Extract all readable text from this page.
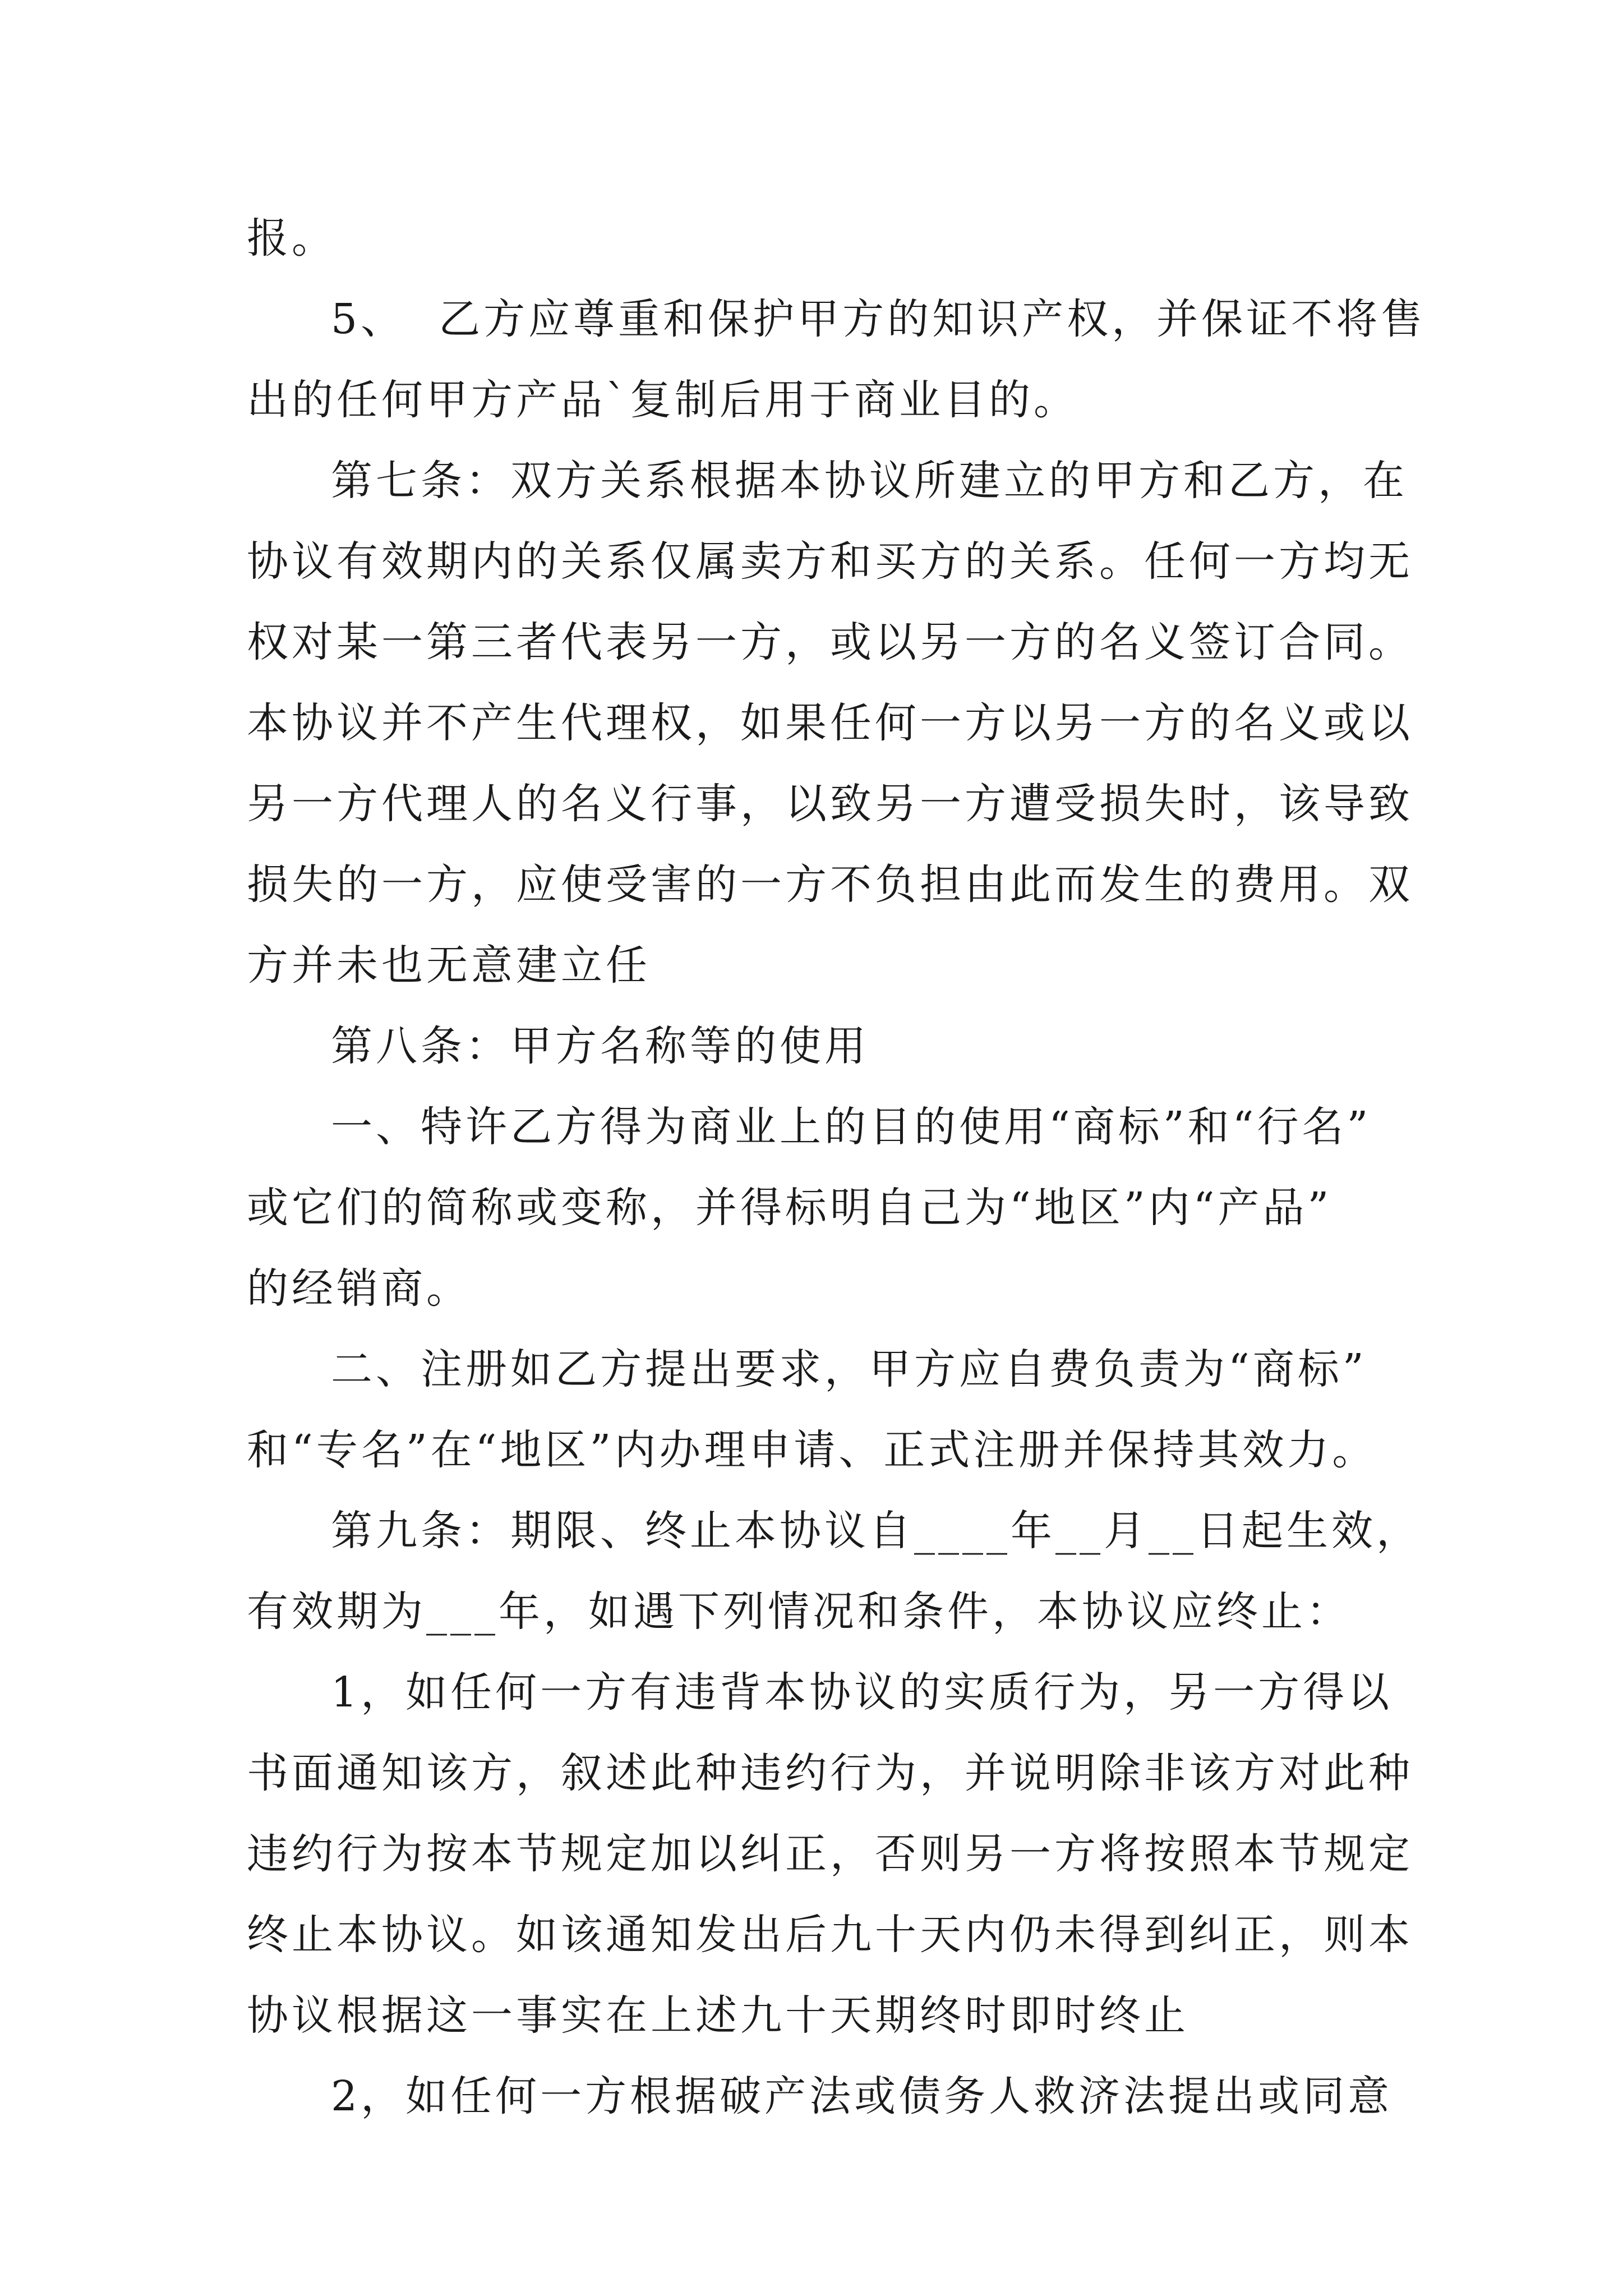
报。
5、  乙方应尊重和保护甲方的知识产权，并保证不将售
出的任何甲方产品`复制后用于商业目的。
第七条：双方关系根据本协议所建立的甲方和乙方，在
协议有效期内的关系仅属卖方和买方的关系。任何一方均无
权对某一第三者代表另一方，或以另一方的名义签订合同。
本协议并不产生代理权，如果任何一方以另一方的名义或以
另一方代理人的名义行事，以致另一方遭受损失时，该导致
损失的一方，应使受害的一方不负担由此而发生的费用。双
方并未也无意建立任
第八条：甲方名称等的使用
一、特许乙方得为商业上的目的使用“商标”和“行名”
或它们的简称或变称，并得标明自己为“地区”内“产品”
的经销商。
二、注册如乙方提出要求，甲方应自费负责为“商标”
和“专名”在“地区”内办理申请、正式注册并保持其效力。
第九条：期限、终止本协议自____年__月__日起生效，
有效期为___年，如遇下列情况和条件，本协议应终止：
1，如任何一方有违背本协议的实质行为，另一方得以
书面通知该方，叙述此种违约行为，并说明除非该方对此种
违约行为按本节规定加以纠正，否则另一方将按照本节规定
终止本协议。如该通知发出后九十天内仍未得到纠正，则本
协议根据这一事实在上述九十天期终时即时终止
2，如任何一方根据破产法或债务人救济法提出或同意
